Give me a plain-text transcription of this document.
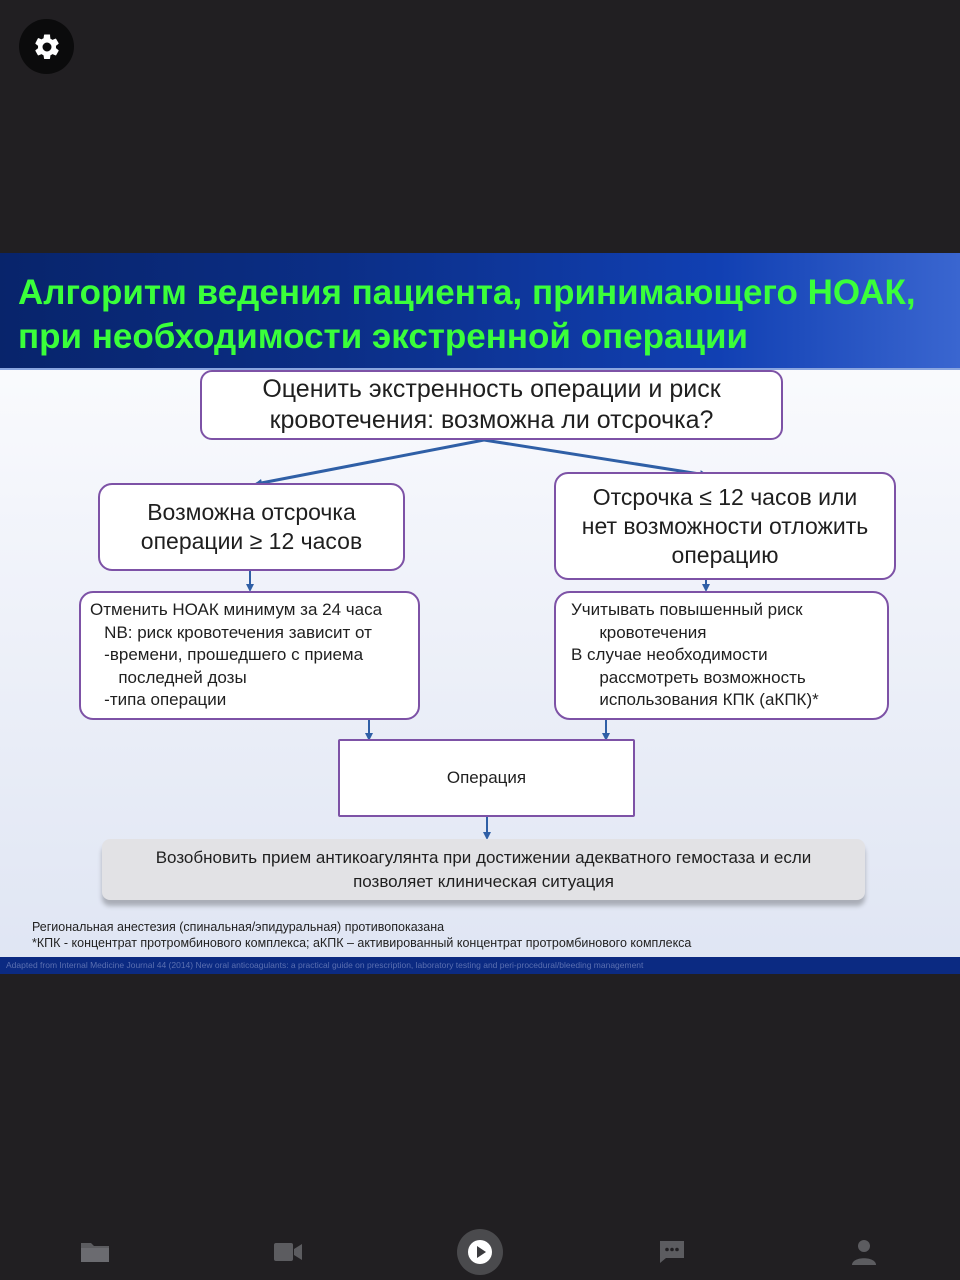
Алгоритм ведения пациента, принимающего НОАК,
при необходимости экстренной операции
Оценить экстренность операции и риск
кровотечения: возможна ли отсрочка?
Возможна отсрочка
операции ≥ 12 часов
Отсрочка ≤ 12 часов или
нет возможности отложить
операцию
Отменить НОАК минимум за 24 часа
NB: риск кровотечения зависит от
-времени, прошедшего с приема
последней дозы
-типа операции
Учитывать повышенный риск
кровотечения
В случае необходимости
рассмотреть возможность
использования КПК (аКПК)*
Операция
Возобновить прием антикоагулянта при достижении адекватного гемостаза и если
позволяет клиническая ситуация
Региональная анестезия (спинальная/эпидуральная) противопоказана
*КПК - концентрат протромбинового комплекса; аКПК – активированный концентрат протромбинового комплекса
Adapted from Internal Medicine Journal 44 (2014) New oral anticoagulants: a practical guide on prescription, laboratory testing and peri-procedural/bleeding management
